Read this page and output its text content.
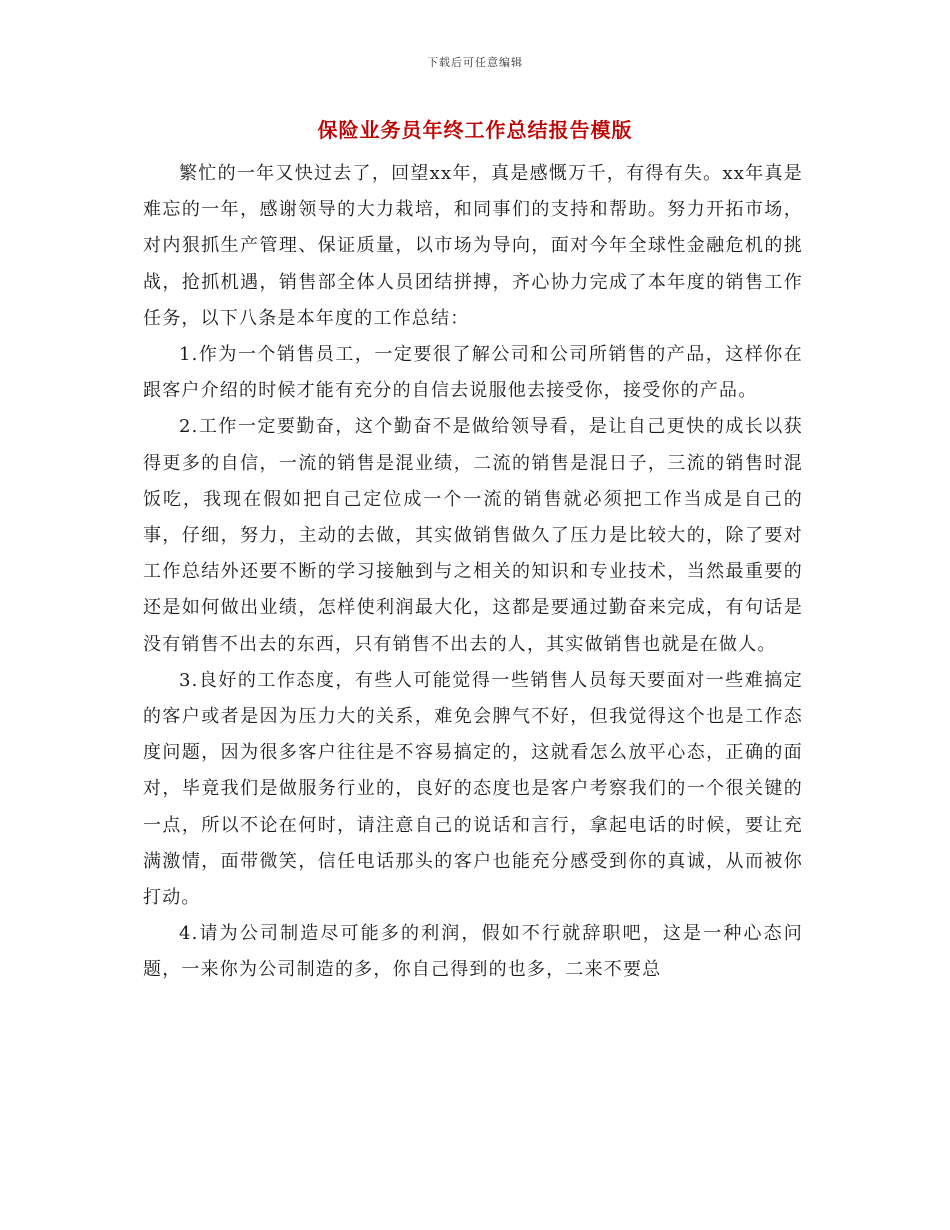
下载后可任意编辑
保险业务员年终工作总结报告模版

繁忙的一年又快过去了，回望xx年，真是感慨万千，有得有失。xx年真是难忘的一年，感谢领导的大力栽培，和同事们的支持和帮助。努力开拓市场，对内狠抓生产管理、保证质量，以市场为导向，面对今年全球性金融危机的挑战，抢抓机遇，销售部全体人员团结拼搏，齐心协力完成了本年度的销售工作任务，以下八条是本年度的工作总结：

1.作为一个销售员工，一定要很了解公司和公司所销售的产品，这样你在跟客户介绍的时候才能有充分的自信去说服他去接受你，接受你的产品。

2.工作一定要勤奋，这个勤奋不是做给领导看，是让自己更快的成长以获得更多的自信，一流的销售是混业绩，二流的销售是混日子，三流的销售时混饭吃，我现在假如把自己定位成一个一流的销售就必须把工作当成是自己的事，仔细，努力，主动的去做，其实做销售做久了压力是比较大的，除了要对工作总结外还要不断的学习接触到与之相关的知识和专业技术，当然最重要的还是如何做出业绩，怎样使利润最大化，这都是要通过勤奋来完成，有句话是没有销售不出去的东西，只有销售不出去的人，其实做销售也就是在做人。

3.良好的工作态度，有些人可能觉得一些销售人员每天要面对一些难搞定的客户或者是因为压力大的关系，难免会脾气不好，但我觉得这个也是工作态度问题，因为很多客户往往是不容易搞定的，这就看怎么放平心态，正确的面对，毕竟我们是做服务行业的，良好的态度也是客户考察我们的一个很关键的一点，所以不论在何时，请注意自己的说话和言行，拿起电话的时候，要让充满激情，面带微笑，信任电话那头的客户也能充分感受到你的真诚，从而被你打动。

4.请为公司制造尽可能多的利润，假如不行就辞职吧，这是一种心态问题，一来你为公司制造的多，你自己得到的也多，二来不要总
